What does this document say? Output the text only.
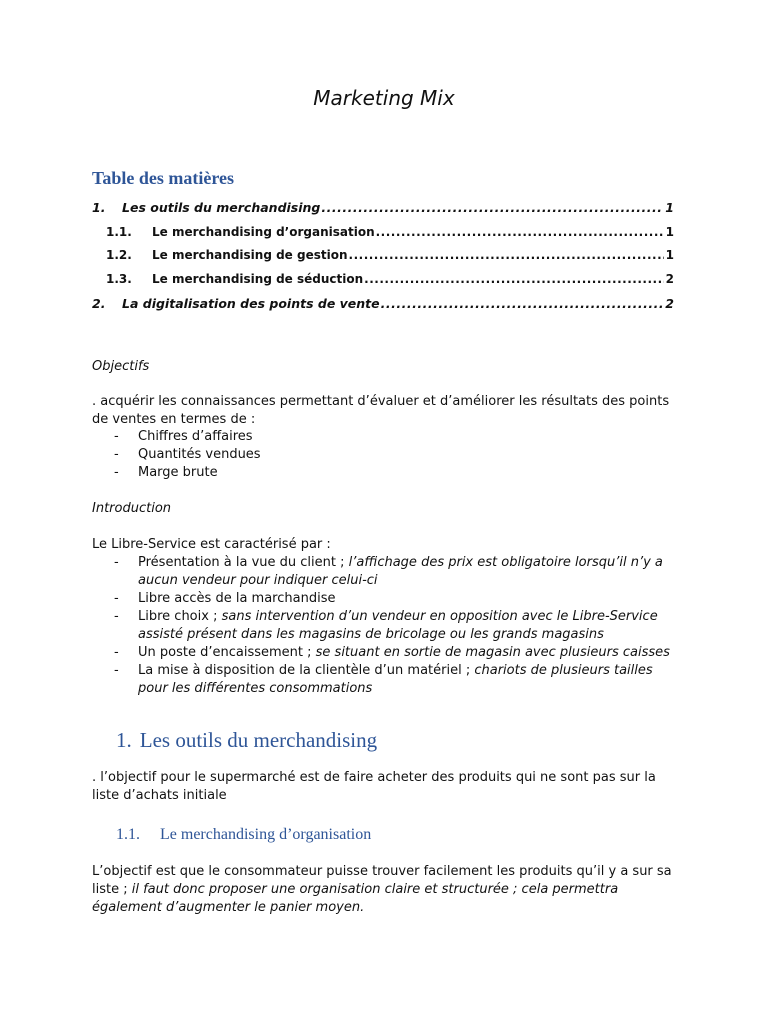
Marketing Mix
Table des matières
1.	Les outils du merchandising .....	1
1.1.	Le merchandising d’organisation .....	1
1.2.	Le merchandising de gestion .....	1
1.3.	Le merchandising de séduction .....	2
2.	La digitalisation des points de vente .....	2
Objectifs
. acquérir les connaissances permettant d’évaluer et d’améliorer les résultats des points de ventes en termes de :
- Chiffres d’affaires
- Quantités vendues
- Marge brute
Introduction
Le Libre-Service est caractérisé par :
- Présentation à la vue du client ; l’affichage des prix est obligatoire lorsqu’il n’y a aucun vendeur pour indiquer celui-ci
- Libre accès de la marchandise
- Libre choix ; sans intervention d’un vendeur en opposition avec le Libre-Service assisté présent dans les magasins de bricolage ou les grands magasins
- Un poste d’encaissement ; se situant en sortie de magasin avec plusieurs caisses
- La mise à disposition de la clientèle d’un matériel ; chariots de plusieurs tailles pour les différentes consommations
1. Les outils du merchandising
. l’objectif pour le supermarché est de faire acheter des produits qui ne sont pas sur la liste d’achats initiale
1.1. Le merchandising d’organisation
L’objectif est que le consommateur puisse trouver facilement les produits qu’il y a sur sa liste ; il faut donc proposer une organisation claire et structurée ; cela permettra également d’augmenter le panier moyen.
